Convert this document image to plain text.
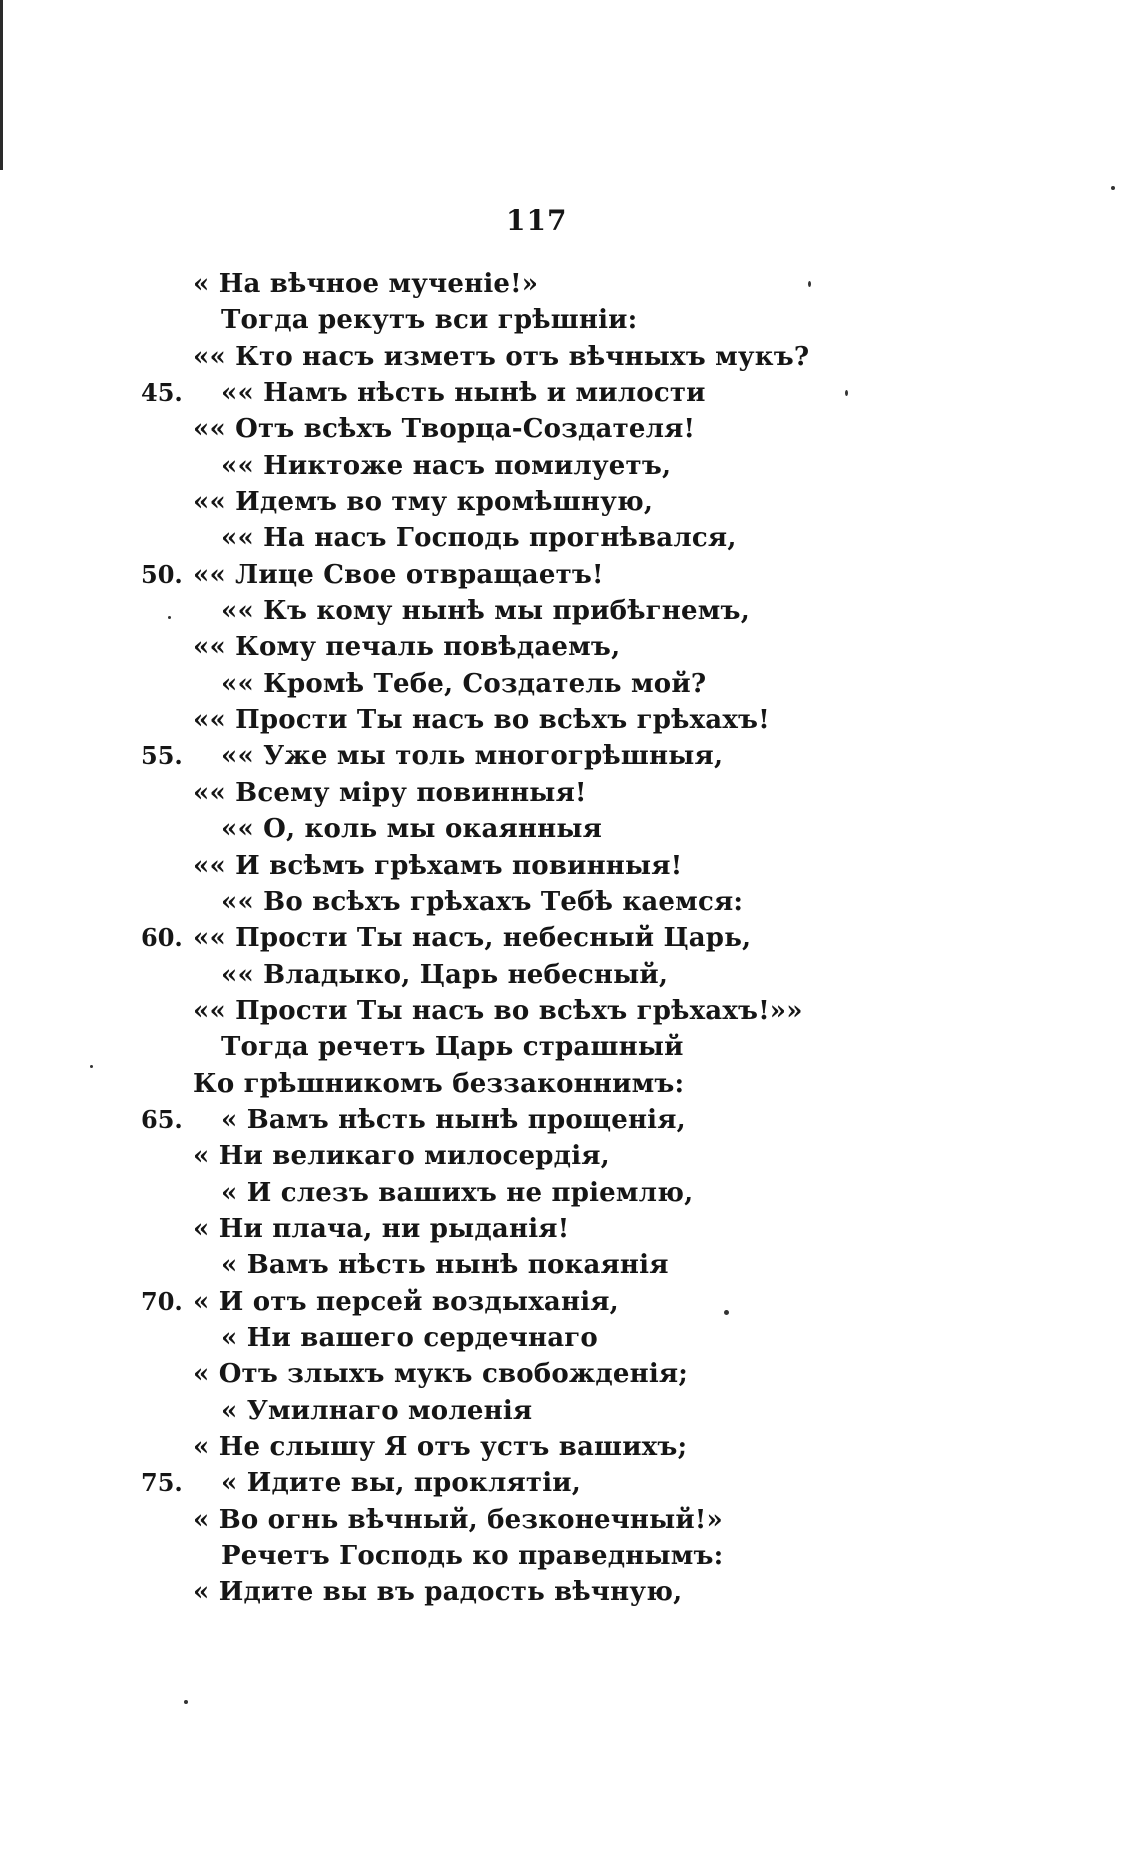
117
« На вѣчное мученіе!»
Тогда рекутъ вси грѣшніи:
«« Кто насъ изметъ отъ вѣчныхъ мукъ?
45. «« Намъ нѣсть нынѣ и милости
«« Отъ всѣхъ Творца-Создателя!
«« Никтоже насъ помилуетъ,
«« Идемъ во тму кромѣшную,
«« На насъ Господь прогнѣвался,
50. «« Лице Свое отвращаетъ!
«« Къ кому нынѣ мы прибѣгнемъ,
«« Кому печаль повѣдаемъ,
«« Кромѣ Тебе, Создатель мой?
«« Прости Ты насъ во всѣхъ грѣхахъ!
55. «« Уже мы толь многогрѣшныя,
«« Всему міру повинныя!
«« О, коль мы окаянныя
«« И всѣмъ грѣхамъ повинныя!
«« Во всѣхъ грѣхахъ Тебѣ каемся:
60. «« Прости Ты насъ, небесный Царь,
«« Владыко, Царь небесный,
«« Прости Ты насъ во всѣхъ грѣхахъ!»»
Тогда речетъ Царь страшный
Ко грѣшникомъ беззаконнимъ:
65. « Вамъ нѣсть нынѣ прощенія,
« Ни великаго милосердія,
« И слезъ вашихъ не пріемлю,
« Ни плача, ни рыданія!
« Вамъ нѣсть нынѣ покаянія
70. « И отъ персей воздыханія,
« Ни вашего сердечнаго
« Отъ злыхъ мукъ свобожденія;
« Умилнаго моленія
« Не слышу Я отъ устъ вашихъ;
75. « Идите вы, проклятіи,
« Во огнь вѣчный, безконечный!»
Речетъ Господь ко праведнымъ:
« Идите вы въ радость вѣчную,
